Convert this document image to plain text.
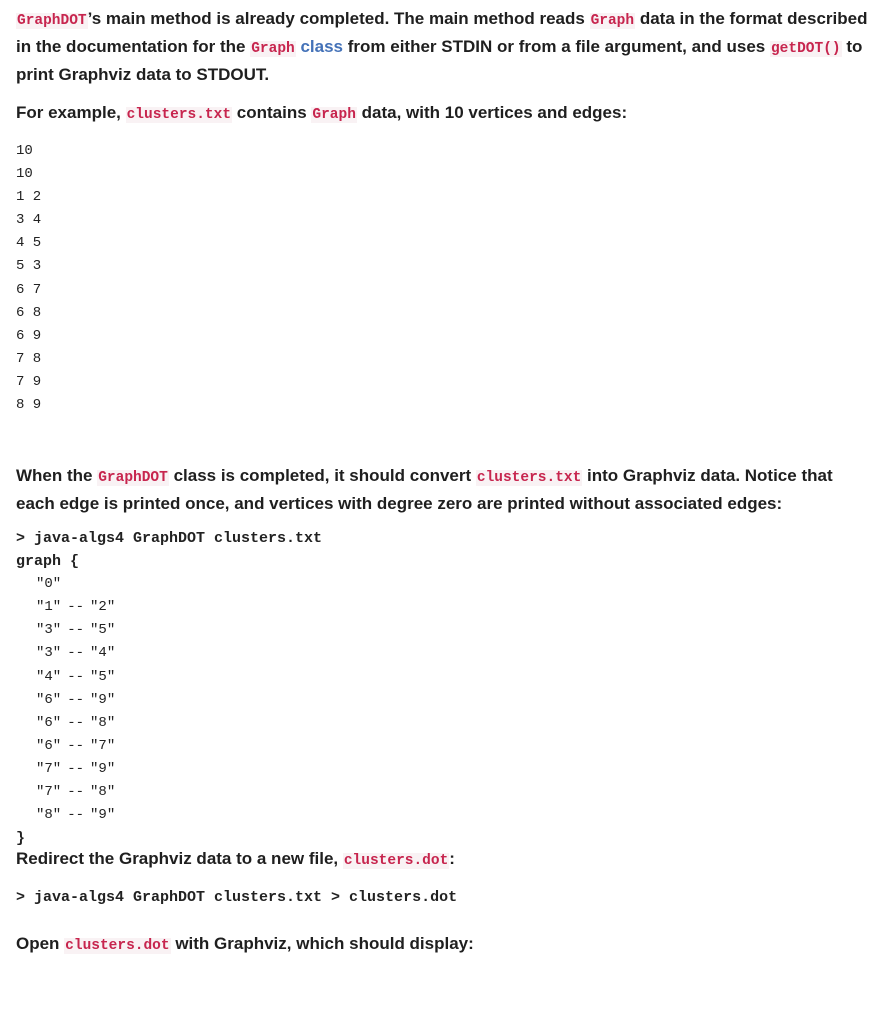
GraphDOT’s main method is already completed. The main method reads Graph data in the format described in the documentation for the Graph class from either STDIN or from a file argument, and uses getDOT() to print Graphviz data to STDOUT.

For example, clusters.txt contains Graph data, with 10 vertices and edges:

10
10
1 2
3 4
4 5
5 3
6 7
6 8
6 9
7 8
7 9
8 9

When the GraphDOT class is completed, it should convert clusters.txt into Graphviz data. Notice that each edge is printed once, and vertices with degree zero are printed without associated edges:

> java-algs4 GraphDOT clusters.txt
graph {
"0"
"1" -- "2"
"3" -- "5"
"3" -- "4"
"4" -- "5"
"6" -- "9"
"6" -- "8"
"6" -- "7"
"7" -- "9"
"7" -- "8"
"8" -- "9"
}

Redirect the Graphviz data to a new file, clusters.dot:

> java-algs4 GraphDOT clusters.txt > clusters.dot

Open clusters.dot with Graphviz, which should display:
